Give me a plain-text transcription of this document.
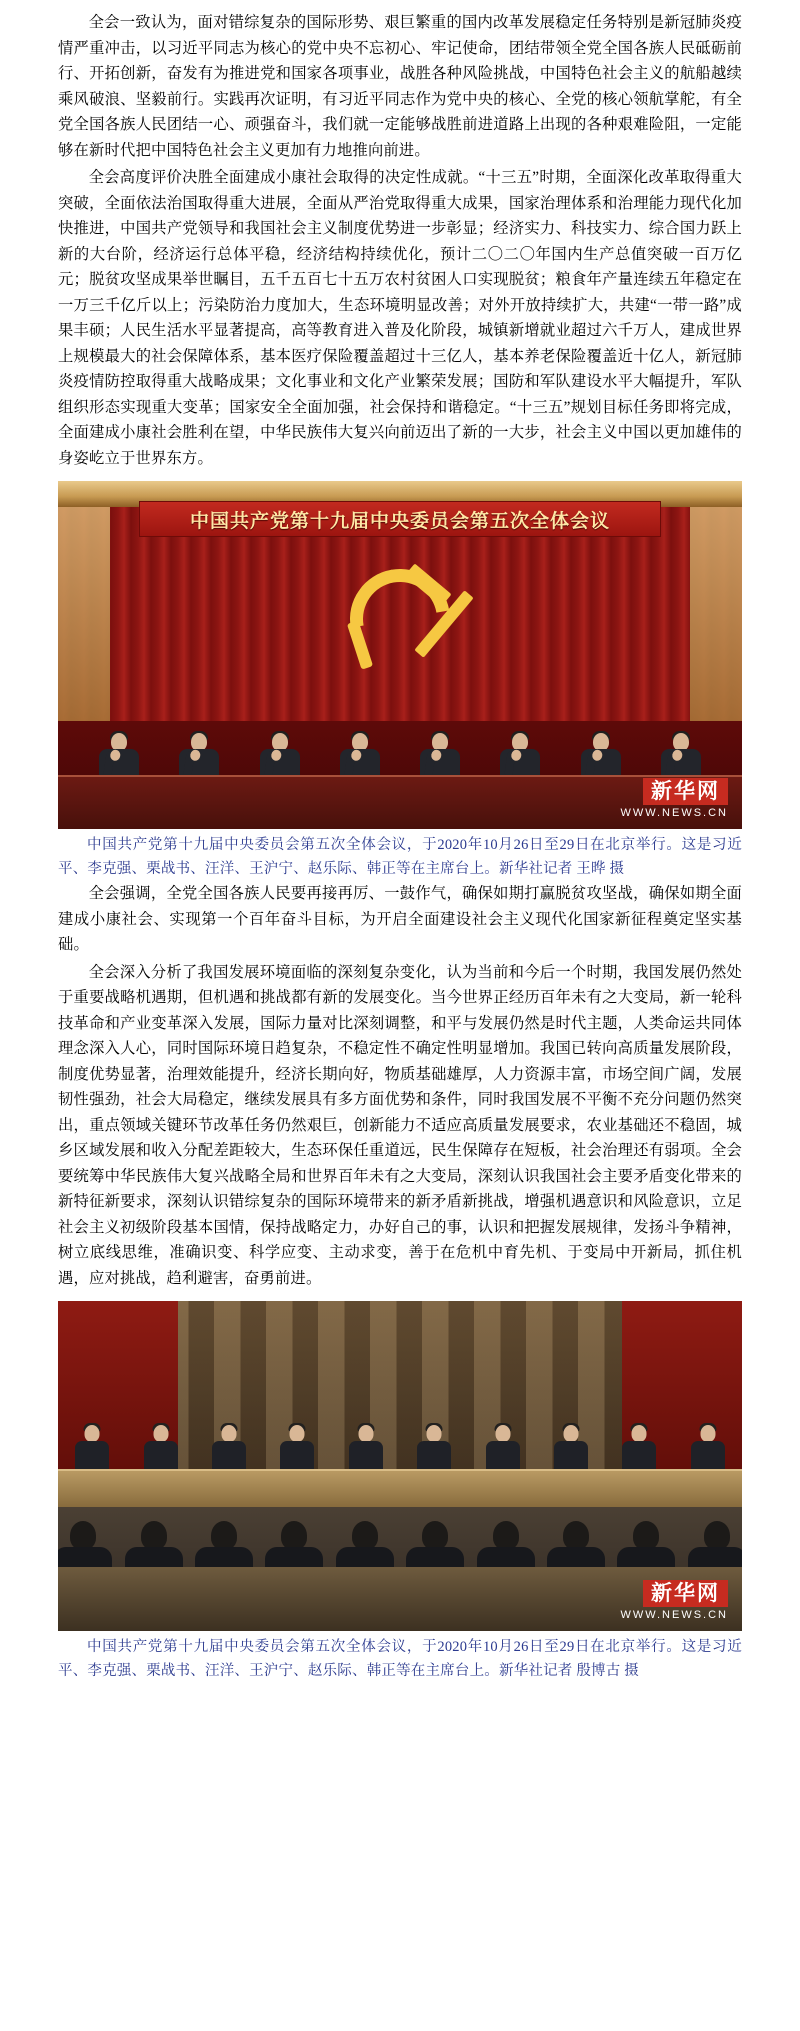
全会一致认为，面对错综复杂的国际形势、艰巨繁重的国内改革发展稳定任务特别是新冠肺炎疫情严重冲击，以习近平同志为核心的党中央不忘初心、牢记使命，团结带领全党全国各族人民砥砺前行、开拓创新，奋发有为推进党和国家各项事业，战胜各种风险挑战，中国特色社会主义的航船越续乘风破浪、坚毅前行。实践再次证明，有习近平同志作为党中央的核心、全党的核心领航掌舵，有全党全国各族人民团结一心、顽强奋斗，我们就一定能够战胜前进道路上出现的各种艰难险阻，一定能够在新时代把中国特色社会主义更加有力地推向前进。

全会高度评价决胜全面建成小康社会取得的决定性成就。“十三五”时期，全面深化改革取得重大突破，全面依法治国取得重大进展，全面从严治党取得重大成果，国家治理体系和治理能力现代化加快推进，中国共产党领导和我国社会主义制度优势进一步彰显；经济实力、科技实力、综合国力跃上新的大台阶，经济运行总体平稳，经济结构持续优化，预计二〇二〇年国内生产总值突破一百万亿元；脱贫攻坚成果举世瞩目，五千五百七十五万农村贫困人口实现脱贫；粮食年产量连续五年稳定在一万三千亿斤以上；污染防治力度加大，生态环境明显改善；对外开放持续扩大，共建“一带一路”成果丰硕；人民生活水平显著提高，高等教育进入普及化阶段，城镇新增就业超过六千万人，建成世界上规模最大的社会保障体系，基本医疗保险覆盖超过十三亿人，基本养老保险覆盖近十亿人，新冠肺炎疫情防控取得重大战略成果；文化事业和文化产业繁荣发展；国防和军队建设水平大幅提升，军队组织形态实现重大变革；国家安全全面加强，社会保持和谐稳定。“十三五”规划目标任务即将完成，全面建成小康社会胜利在望，中华民族伟大复兴向前迈出了新的一大步，社会主义中国以更加雄伟的身姿屹立于世界东方。

中国共产党第十九届中央委员会第五次全体会议
新华网
WWW.NEWS.CN

中国共产党第十九届中央委员会第五次全体会议，于2020年10月26日至29日在北京举行。这是习近平、李克强、栗战书、汪洋、王沪宁、赵乐际、韩正等在主席台上。新华社记者 王晔 摄

全会强调，全党全国各族人民要再接再厉、一鼓作气，确保如期打赢脱贫攻坚战，确保如期全面建成小康社会、实现第一个百年奋斗目标，为开启全面建设社会主义现代化国家新征程奠定坚实基础。

全会深入分析了我国发展环境面临的深刻复杂变化，认为当前和今后一个时期，我国发展仍然处于重要战略机遇期，但机遇和挑战都有新的发展变化。当今世界正经历百年未有之大变局，新一轮科技革命和产业变革深入发展，国际力量对比深刻调整，和平与发展仍然是时代主题，人类命运共同体理念深入人心，同时国际环境日趋复杂，不稳定性不确定性明显增加。我国已转向高质量发展阶段，制度优势显著，治理效能提升，经济长期向好，物质基础雄厚，人力资源丰富，市场空间广阔，发展韧性强劲，社会大局稳定，继续发展具有多方面优势和条件，同时我国发展不平衡不充分问题仍然突出，重点领域关键环节改革任务仍然艰巨，创新能力不适应高质量发展要求，农业基础还不稳固，城乡区域发展和收入分配差距较大，生态环保任重道远，民生保障存在短板，社会治理还有弱项。全会要统筹中华民族伟大复兴战略全局和世界百年未有之大变局，深刻认识我国社会主要矛盾变化带来的新特征新要求，深刻认识错综复杂的国际环境带来的新矛盾新挑战，增强机遇意识和风险意识，立足社会主义初级阶段基本国情，保持战略定力，办好自己的事，认识和把握发展规律，发扬斗争精神，树立底线思维，准确识变、科学应变、主动求变，善于在危机中育先机、于变局中开新局，抓住机遇，应对挑战，趋利避害，奋勇前进。

新华网
WWW.NEWS.CN

中国共产党第十九届中央委员会第五次全体会议，于2020年10月26日至29日在北京举行。这是习近平、李克强、栗战书、汪洋、王沪宁、赵乐际、韩正等在主席台上。新华社记者 殷博古 摄
